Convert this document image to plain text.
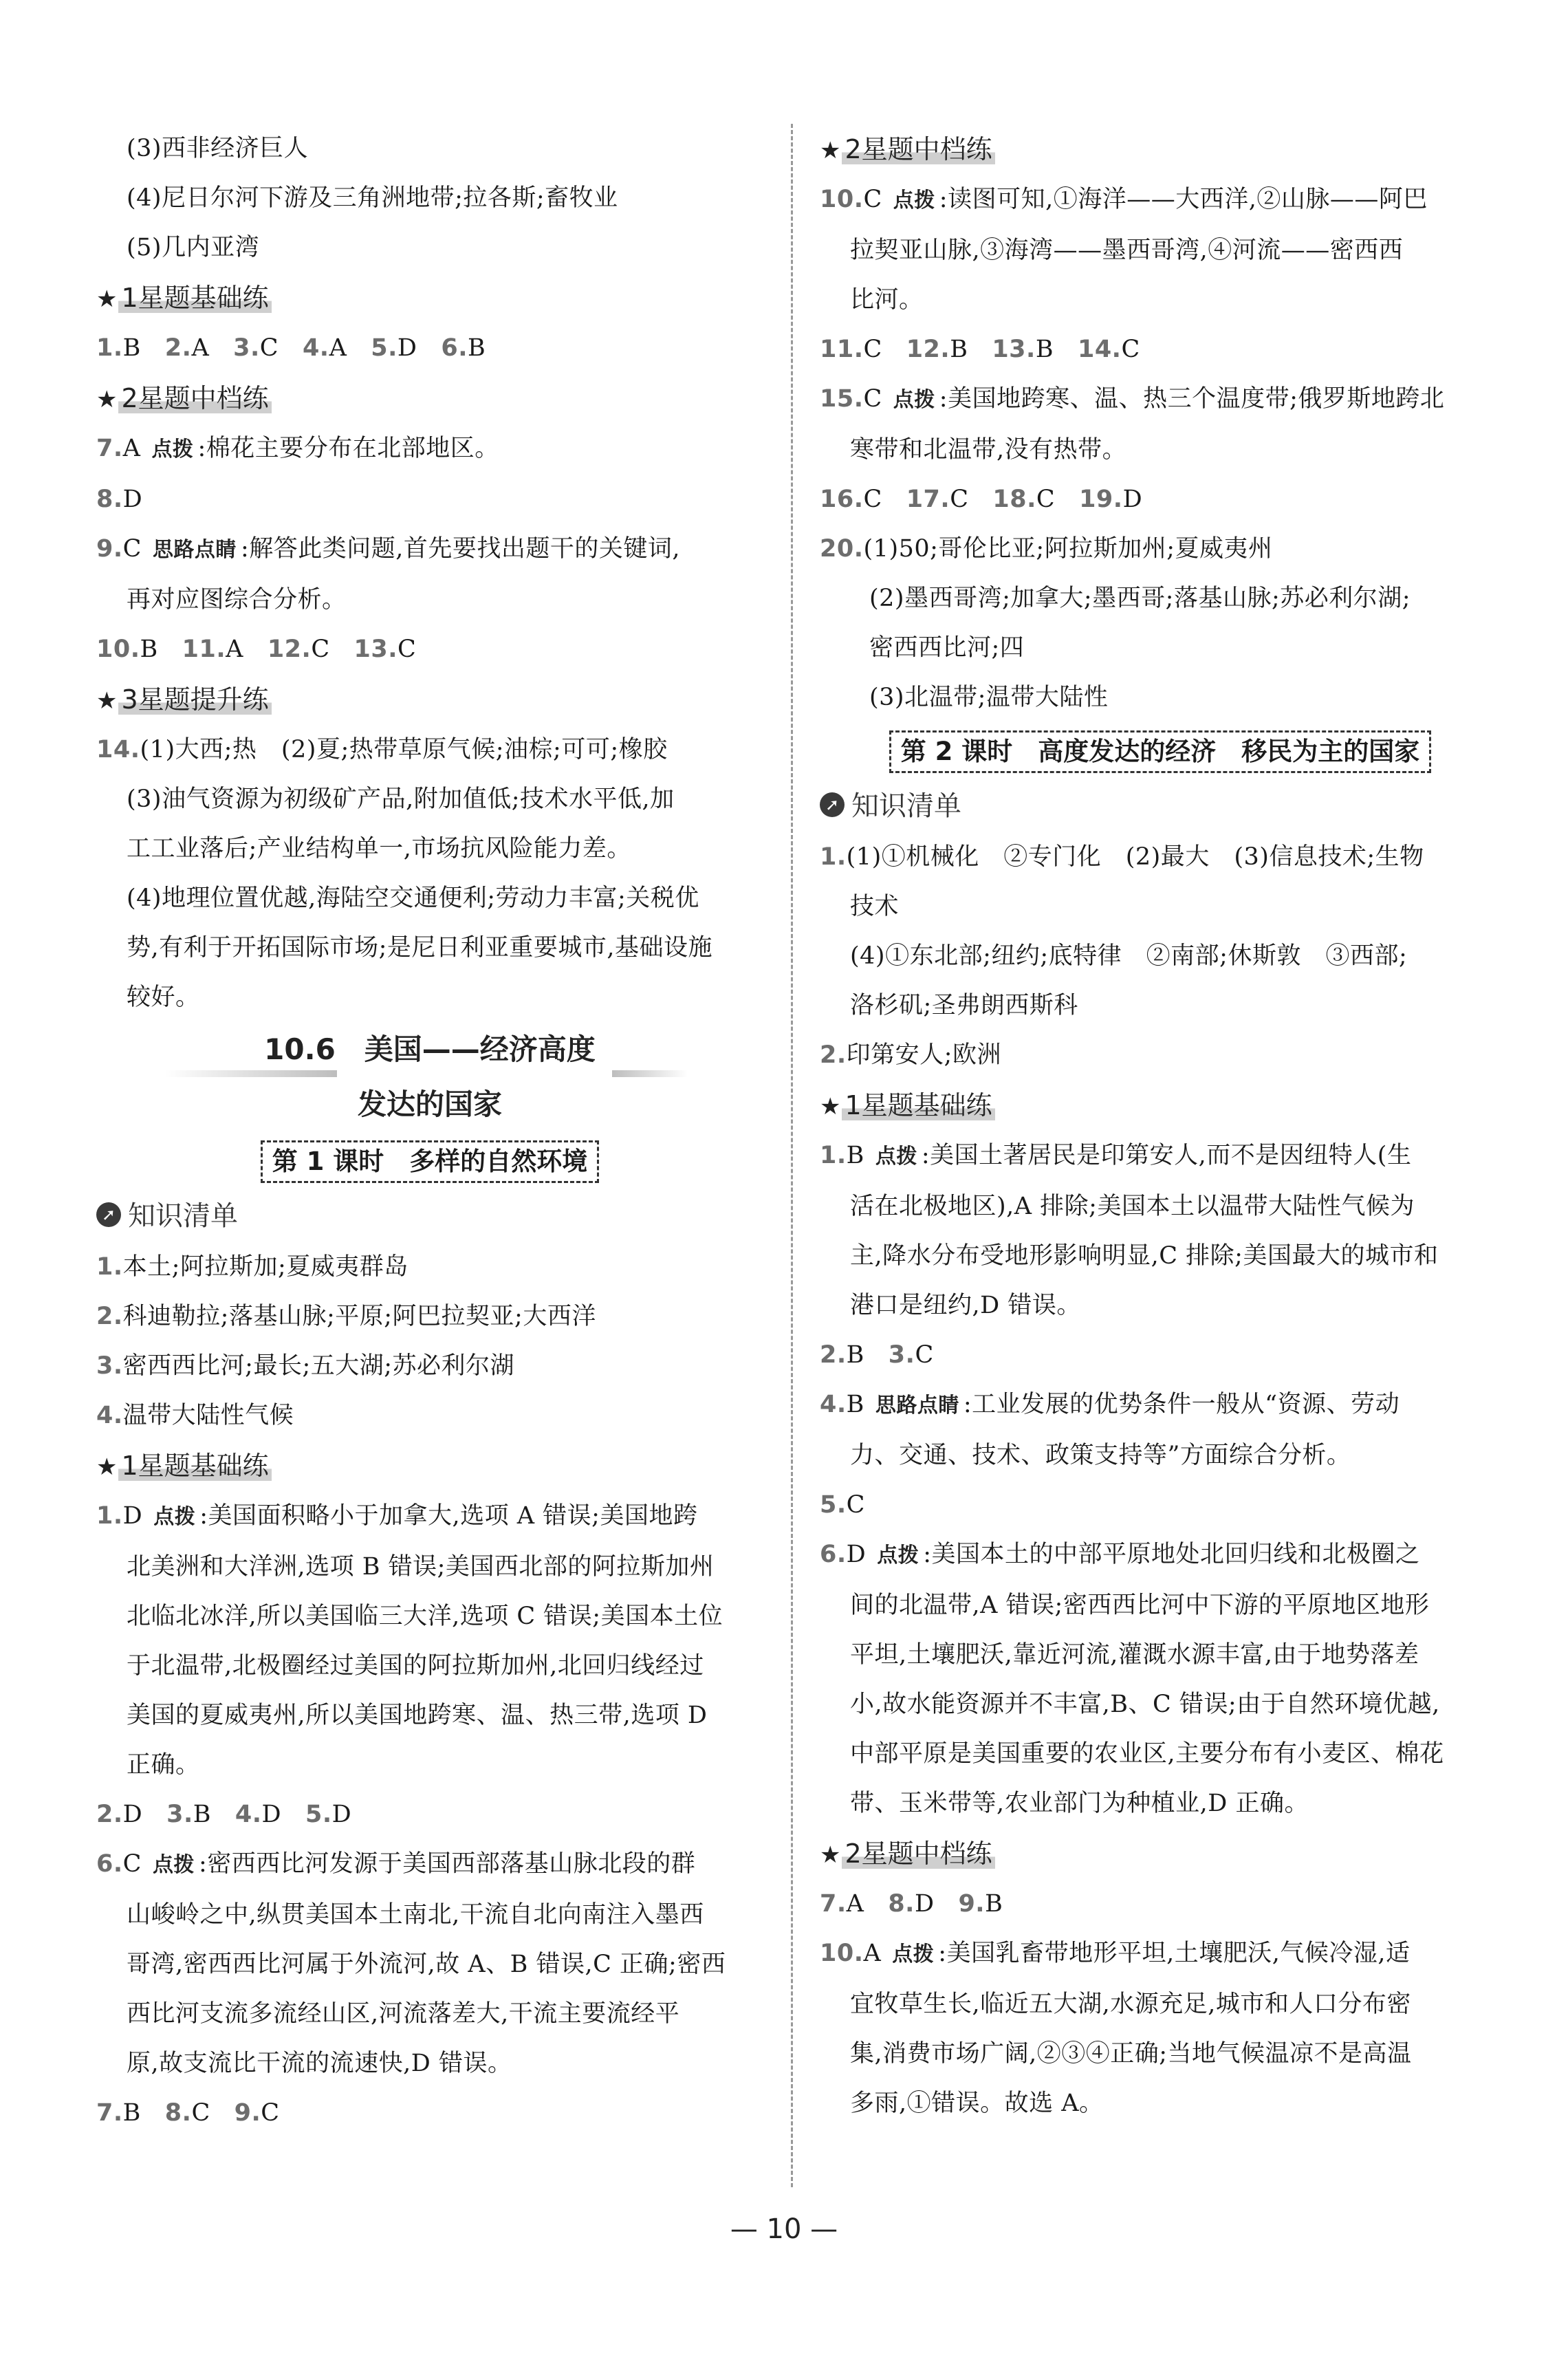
(3)西非经济巨人
(4)尼日尔河下游及三角洲地带;拉各斯;畜牧业
(5)几内亚湾
★ 1星题基础练
1.B 2.A 3.C 4.A 5.D 6.B
★ 2星题中档练
7.A 点拨 :棉花主要分布在北部地区。
8.D
9.C 思路点睛 :解答此类问题,首先要找出题干的关键词,
再对应图综合分析。
10.B 11.A 12.C 13.C
★ 3星题提升练
14.(1)大西;热　(2)夏;热带草原气候;油棕;可可;橡胶
(3)油气资源为初级矿产品,附加值低;技术水平低,加
工工业落后;产业结构单一,市场抗风险能力差。
(4)地理位置优越,海陆空交通便利;劳动力丰富;关税优
势,有利于开拓国际市场;是尼日利亚重要城市,基础设施
较好。
10.6　美国——经济高度
发达的国家
第 1 课时　多样的自然环境
➚ 知识清单
1.本土;阿拉斯加;夏威夷群岛
2.科迪勒拉;落基山脉;平原;阿巴拉契亚;大西洋
3.密西西比河;最长;五大湖;苏必利尔湖
4.温带大陆性气候
★ 1星题基础练
1.D 点拨 :美国面积略小于加拿大,选项 A 错误;美国地跨
北美洲和大洋洲,选项 B 错误;美国西北部的阿拉斯加州
北临北冰洋,所以美国临三大洋,选项 C 错误;美国本土位
于北温带,北极圈经过美国的阿拉斯加州,北回归线经过
美国的夏威夷州,所以美国地跨寒、温、热三带,选项 D
正确。
2.D 3.B 4.D 5.D
6.C 点拨 :密西西比河发源于美国西部落基山脉北段的群
山峻岭之中,纵贯美国本土南北,干流自北向南注入墨西
哥湾,密西西比河属于外流河,故 A、B 错误,C 正确;密西
西比河支流多流经山区,河流落差大,干流主要流经平
原,故支流比干流的流速快,D 错误。
7.B 8.C 9.C
★ 2星题中档练
10.C 点拨 :读图可知,①海洋——大西洋,②山脉——阿巴
拉契亚山脉,③海湾——墨西哥湾,④河流——密西西
比河。
11.C 12.B 13.B 14.C
15.C 点拨 :美国地跨寒、温、热三个温度带;俄罗斯地跨北
寒带和北温带,没有热带。
16.C 17.C 18.C 19.D
20.(1)50;哥伦比亚;阿拉斯加州;夏威夷州
(2)墨西哥湾;加拿大;墨西哥;落基山脉;苏必利尔湖;
密西西比河;四
(3)北温带;温带大陆性
第 2 课时　高度发达的经济　移民为主的国家
➚ 知识清单
1.(1)①机械化　②专门化　(2)最大　(3)信息技术;生物
技术
(4)①东北部;纽约;底特律　②南部;休斯敦　③西部;
洛杉矶;圣弗朗西斯科
2.印第安人;欧洲
★ 1星题基础练
1.B 点拨 :美国土著居民是印第安人,而不是因纽特人(生
活在北极地区),A 排除;美国本土以温带大陆性气候为
主,降水分布受地形影响明显,C 排除;美国最大的城市和
港口是纽约,D 错误。
2.B 3.C
4.B 思路点睛 :工业发展的优势条件一般从“资源、劳动
力、交通、技术、政策支持等”方面综合分析。
5.C
6.D 点拨 :美国本土的中部平原地处北回归线和北极圈之
间的北温带,A 错误;密西西比河中下游的平原地区地形
平坦,土壤肥沃,靠近河流,灌溉水源丰富,由于地势落差
小,故水能资源并不丰富,B、C 错误;由于自然环境优越,
中部平原是美国重要的农业区,主要分布有小麦区、棉花
带、玉米带等,农业部门为种植业,D 正确。
★ 2星题中档练
7.A 8.D 9.B
10.A 点拨 :美国乳畜带地形平坦,土壤肥沃,气候冷湿,适
宜牧草生长,临近五大湖,水源充足,城市和人口分布密
集,消费市场广阔,②③④正确;当地气候温凉不是高温
多雨,①错误。故选 A。
— 10 —
